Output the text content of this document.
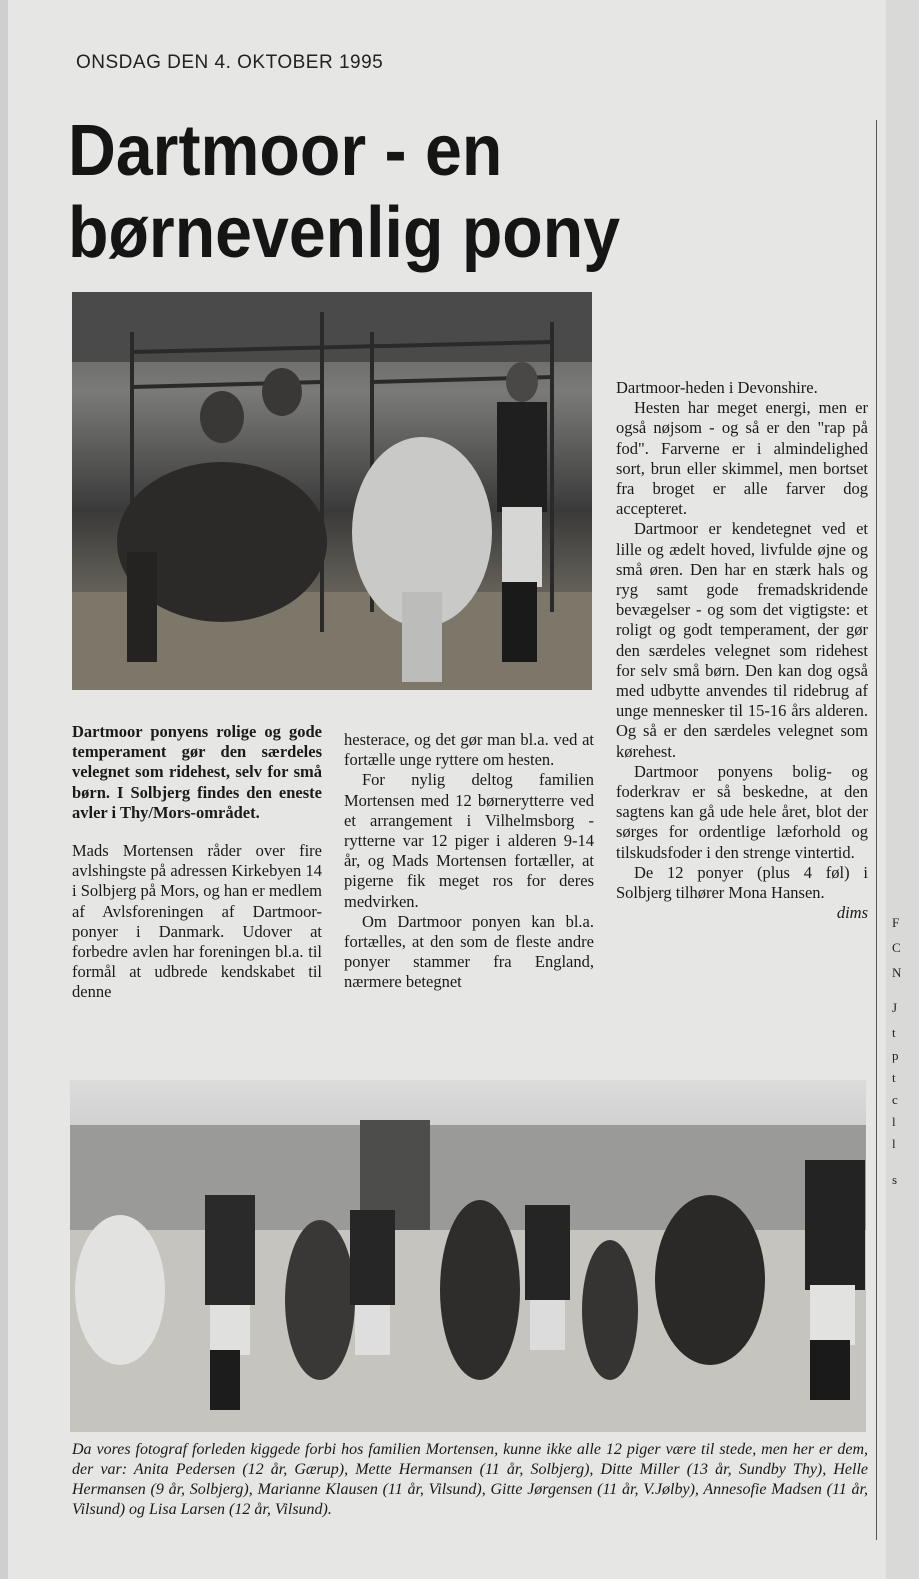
F
C
N
J
t
p
t
c
l
l
s
ONSDAG DEN 4. OKTOBER 1995
Dartmoor - en
børnevenlig pony

Dartmoor ponyens rolige og gode temperament gør den særdeles velegnet som ridehest, selv for små børn. I Solbjerg findes den eneste avler i Thy/Mors-området.

Mads Mortensen råder over fire avlshingste på adressen Kirkebyen 14 i Solbjerg på Mors, og han er medlem af Avlsforeningen af Dartmoor-ponyer i Danmark. Udover at forbedre avlen har foreningen bl.a. til formål at udbrede kendskabet til denne

hesterace, og det gør man bl.a. ved at fortælle unge ryttere om hesten.

For nylig deltog familien Mortensen med 12 børnerytterre ved et arrangement i Vilhelmsborg - rytterne var 12 piger i alderen 9-14 år, og Mads Mortensen fortæller, at pigerne fik meget ros for deres medvirken.

Om Dartmoor ponyen kan bl.a. fortælles, at den som de fleste andre ponyer stammer fra England, nærmere betegnet

Dartmoor-heden i Devonshire.

Hesten har meget energi, men er også nøjsom - og så er den "rap på fod". Farverne er i almindelighed sort, brun eller skimmel, men bortset fra broget er alle farver dog accepteret.

Dartmoor er kendetegnet ved et lille og ædelt hoved, livfulde øjne og små øren. Den har en stærk hals og ryg samt gode fremadskridende bevægelser - og som det vigtigste: et roligt og godt temperament, der gør den særdeles velegnet som ridehest for selv små børn. Den kan dog også med udbytte anvendes til ridebrug af unge mennesker til 15-16 års alderen. Og så er den særdeles velegnet som kørehest.

Dartmoor ponyens bolig- og foderkrav er så beskedne, at den sagtens kan gå ude hele året, blot der sørges for ordentlige læforhold og tilskudsfoder i den strenge vintertid.

De 12 ponyer (plus 4 føl) i Solbjerg tilhører Mona Hansen.

dims

Da vores fotograf forleden kiggede forbi hos familien Mortensen, kunne ikke alle 12 piger være til stede, men her er dem, der var: Anita Pedersen (12 år, Gærup), Mette Hermansen (11 år, Solbjerg), Ditte Miller (13 år, Sundby Thy), Helle Hermansen (9 år, Solbjerg), Marianne Klausen (11 år, Vilsund), Gitte Jørgensen (11 år, V.Jølby), Annesofie Madsen (11 år, Vilsund) og Lisa Larsen (12 år, Vilsund).
